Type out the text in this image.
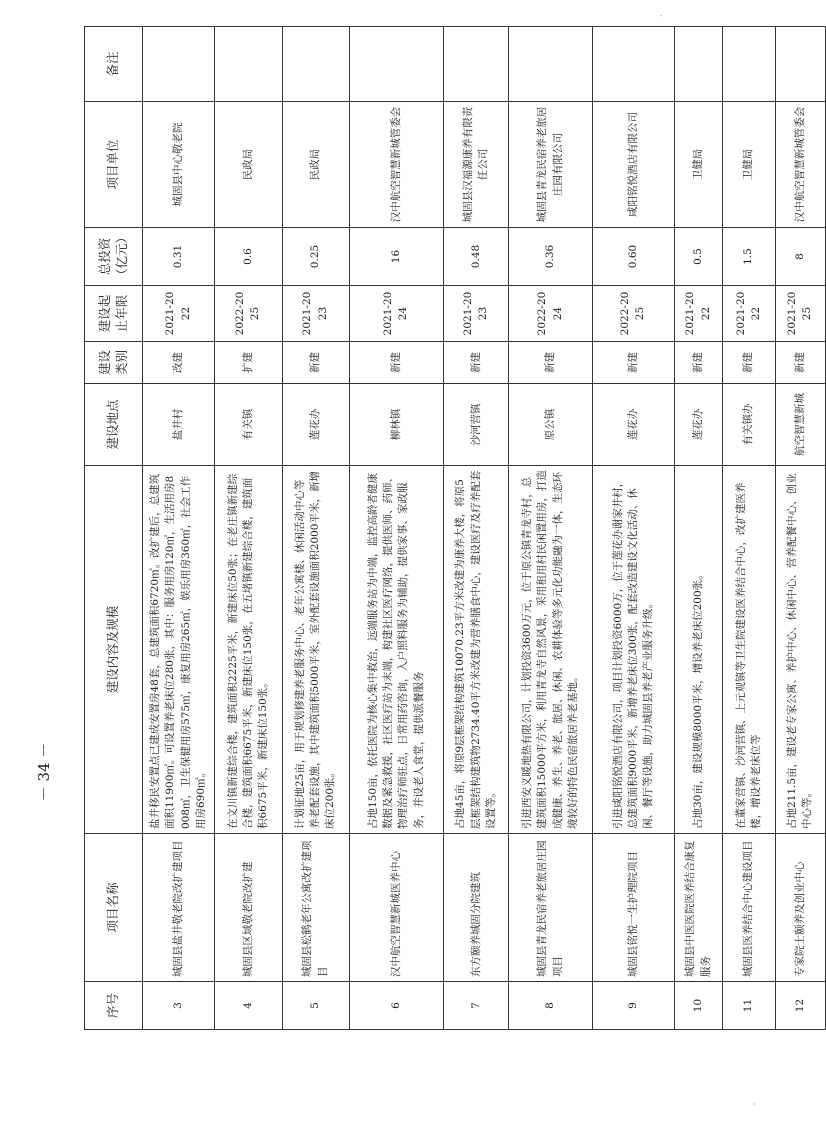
′
◦
－ 34 －
序号	项目名称	建设内容及规模	建设地点	建设类别	建设起止年限	总投资（亿元）	项目单位	备注
3	城固县盐井敬老院改扩建项目	盐井移民安置点已建成安置房48套，总建筑面积6720㎡。改扩建后，总建筑面积11900㎡。可设置养老床位280张，其中：服务用房120㎡，生活用房8008㎡，卫生保健用房575㎡，康复用房265㎡，娱乐用房360㎡，社会工作用房690㎡。	盐井村	改建	2021-2022	0.31	城固县中心敬老院	
4	城固县区域敬老院改扩建	在文川镇新建综合楼，建筑面积2225平米，新建床位50张；在老庄镇新建综合楼，建筑面积6675平米，新建床位150张，在五堵镇新建综合楼，建筑面积6675平米，新建床位150张。	有关镇	扩建	2022-2025	0.6	民政局	
5	城固县松鹤老年公寓改扩建项目	计划征地25亩，用于规划修建养老服务中心、老年公寓楼、休闲活动中心等养老配套设施，其中建筑面积5000平米，室外配套设施面积2000平米，新增床位200张。	莲花办	新建	2021-2023	0.25	民政局	
6	汉中航空智慧新城医养中心	占地150亩，依托医院为核心集中救治，远端服务站为中端，监控高龄者健康数据及紧急救援，社区医疗站为末端，构建社区医疗网络，提供医师、药师、物理治疗师驻点，日常用药咨询，入户照料服务为辅助，提供家事、家政服务，并设老人食堂，提供派餐服务	柳林镇	新建	2021-2024	16	汉中航空智慧新城管委会	
7	东方颐养城固分院建筑	占地45亩，将原9层框架结构建筑10070.23平方米改建为康养大楼，将原5层框架结构建筑物2734.40平方米改建为营养膳食中心，建设医疗及疗养配套设置等。	沙河营镇	新建	2021-2023	0.48	城固县汉福源康养有限责任公司	
8	城固县青龙民宿养老旅居庄园项目	引进西安义暖地热有限公司，计划投资3600万元，位于原公镇青龙寺村，总建筑面积15000平方米，利用青龙寺自然风景，采用租用村民闲置用房，打造成健康、养生、养老、旅居、休闲、农耕体验等多元化功能融为一体，生态环境较好的特色民宿旅居养老基地。	原公镇	新建	2022-2024	0.36	城固县青龙民宿养老旅居庄园有限公司	
9	城固县铭悦一生护理院项目	引进咸阳铭悦酒店有限公司，项目计划投资6000万，位于莲花办谢家井村，总建筑面积9000平米，新增养老床位300张，配套改造建设文化活动、休闲、餐厅等设施，助力城固县养老产业服务升级。	莲花办	新建	2022-2025	0.60	咸阳铭悦酒店有限公司	
10	城固县中医医院医养结合康复服务	占地30亩，建设规模8000平米，增设养老床位200张。	莲花办	新建	2021-2022	0.5	卫健局	
11	城固县医养结合中心建设项目	在董家营镇、沙河营镇、上元观镇等卫生院建设医养结合中心，改扩建医养楼，增设养老床位等	有关镇办	新建	2021-2022	1.5	卫健局	
12	专家院士颐养及创业中心	占地211.5亩，建设老专家公寓、养护中心、休闲中心、营养配餐中心、创业中心等。	航空智慧新城	新建	2021-2025	8	汉中航空智慧新城管委会	
